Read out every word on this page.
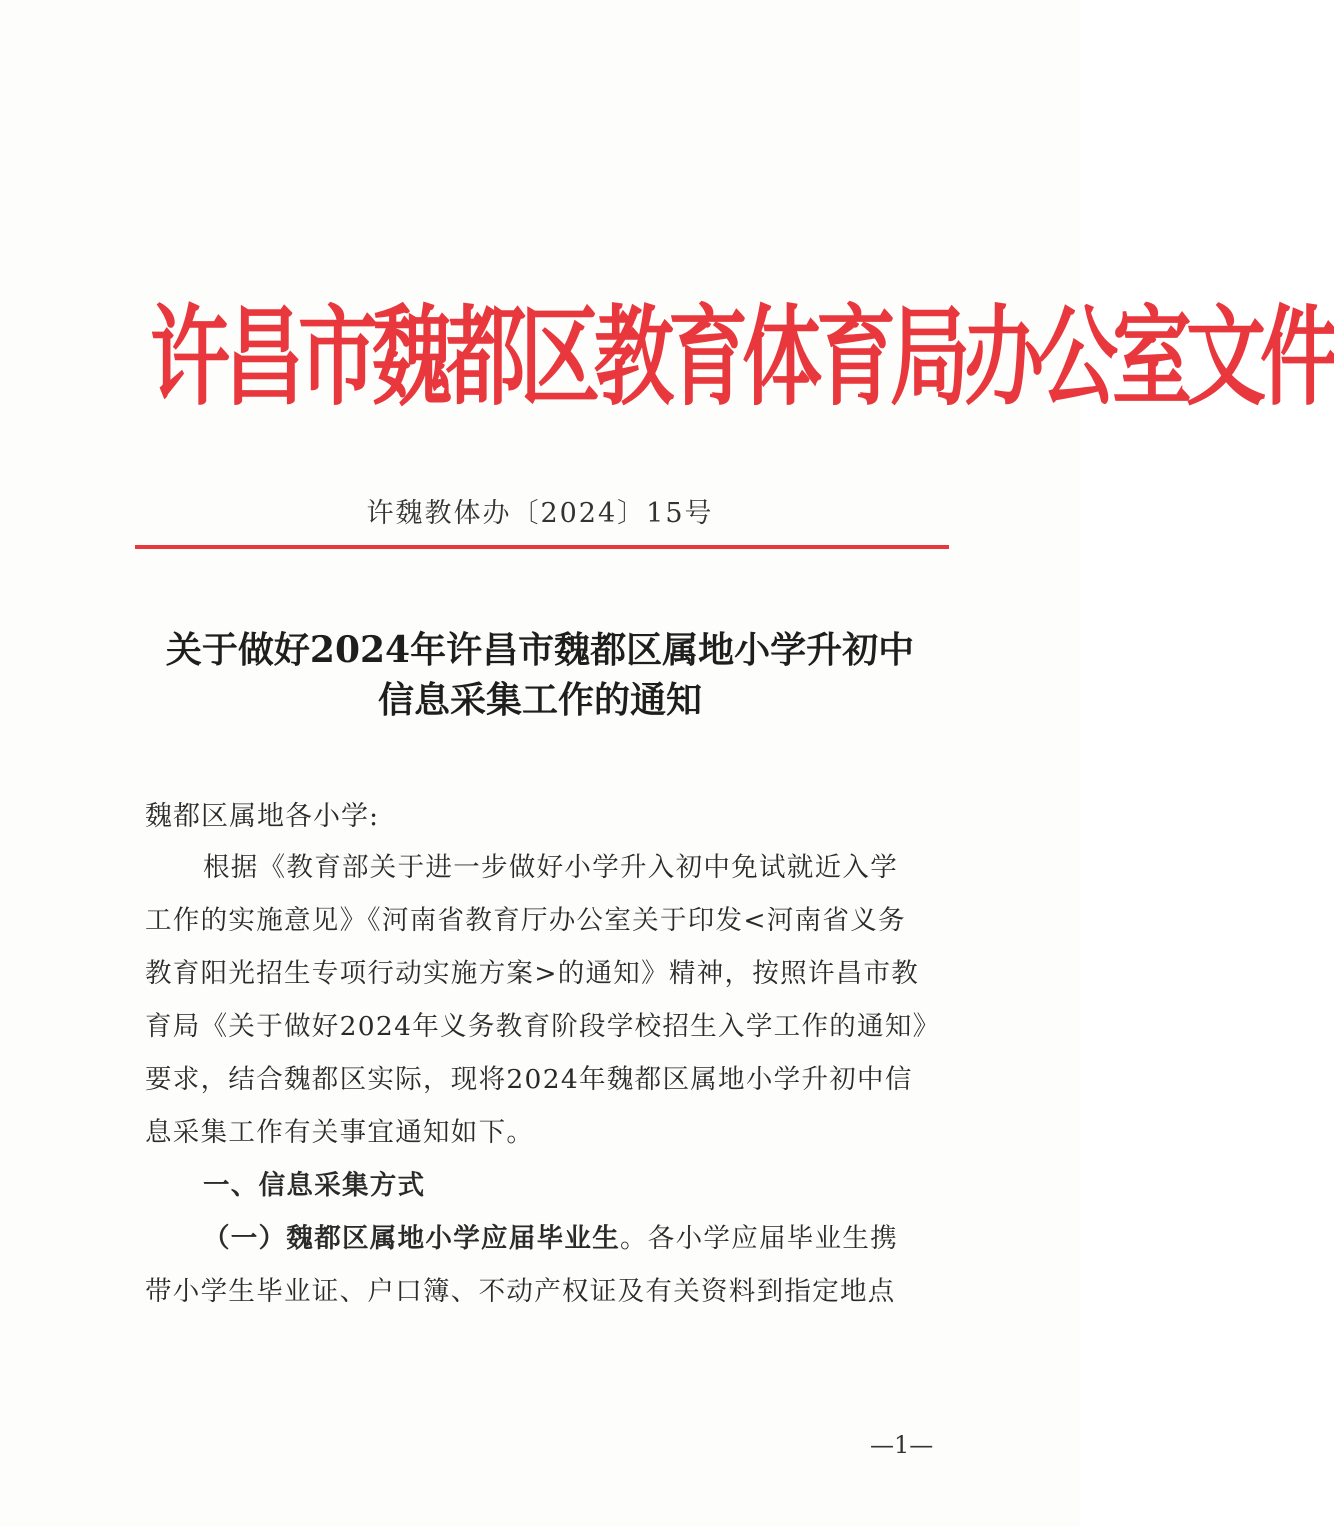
许昌市魏都区教育体育局办公室文件
许魏教体办〔2024〕15号
关于做好2024年许昌市魏都区属地小学升初中
信息采集工作的通知
魏都区属地各小学:
根据《教育部关于进一步做好小学升入初中免试就近入学
工作的实施意见》《河南省教育厅办公室关于印发<河南省义务
教育阳光招生专项行动实施方案>的通知》精神，按照许昌市教
育局《关于做好2024年义务教育阶段学校招生入学工作的通知》
要求，结合魏都区实际，现将2024年魏都区属地小学升初中信
息采集工作有关事宜通知如下。
一、信息采集方式
（一）魏都区属地小学应届毕业生。各小学应届毕业生携
带小学生毕业证、户口簿、不动产权证及有关资料到指定地点
—1—
